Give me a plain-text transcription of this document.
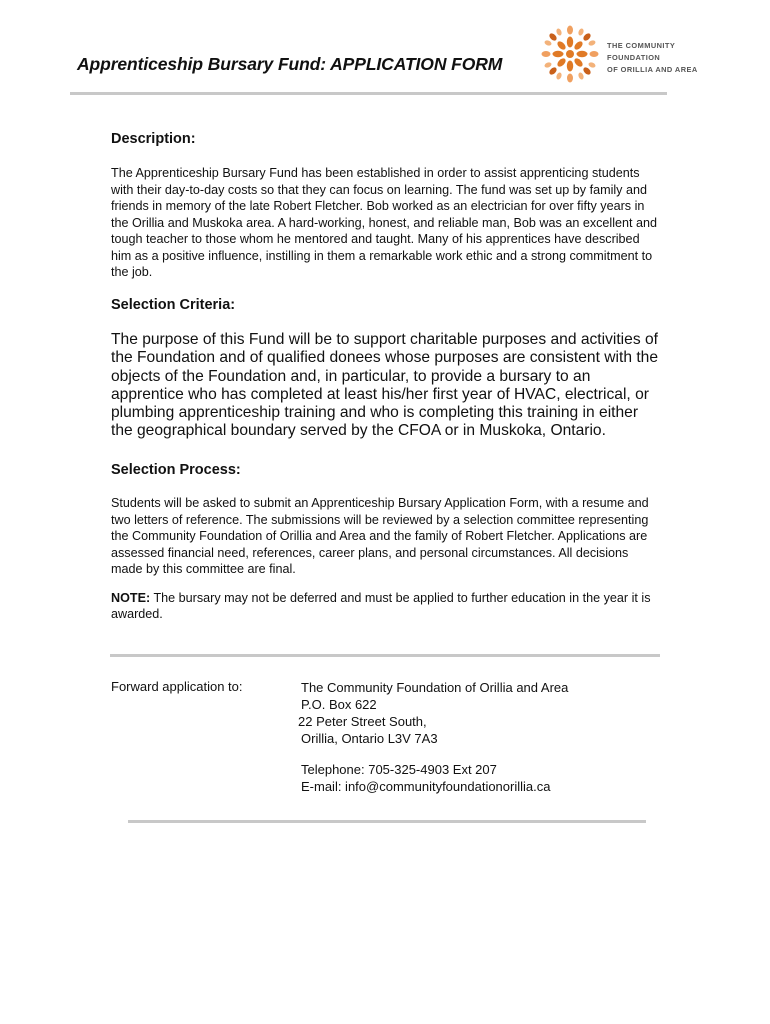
Apprenticeship Bursary Fund: APPLICATION FORM
THE COMMUNITY
FOUNDATION
OF ORILLIA AND AREA

Description:

The Apprenticeship Bursary Fund has been established in order to assist apprenticing students with their day-to-day costs so that they can focus on learning. The fund was set up by family and friends in memory of the late Robert Fletcher. Bob worked as an electrician for over fifty years in the Orillia and Muskoka area. A hard-working, honest, and reliable man, Bob was an excellent and tough teacher to those whom he mentored and taught. Many of his apprentices have described him as a positive influence, instilling in them a remarkable work ethic and a strong commitment to the job.

Selection Criteria:

The purpose of this Fund will be to support charitable purposes and activities of the Foundation and of qualified donees whose purposes are consistent with the objects of the Foundation and, in particular, to provide a bursary to an apprentice who has completed at least his/her first year of HVAC, electrical, or plumbing apprenticeship training and who is completing this training in either the geographical boundary served by the CFOA or in Muskoka, Ontario.

Selection Process:

Students will be asked to submit an Apprenticeship Bursary Application Form, with a resume and two letters of reference. The submissions will be reviewed by a selection committee representing the Community Foundation of Orillia and Area and the family of Robert Fletcher. Applications are assessed financial need, references, career plans, and personal circumstances. All decisions made by this committee are final.

NOTE: The bursary may not be deferred and must be applied to further education in the year it is awarded.

Forward application to:	The Community Foundation of Orillia and Area
P.O. Box 622
22 Peter Street South,
Orillia, Ontario L3V 7A3
Telephone: 705-325-4903 Ext 207
E-mail: info@communityfoundationorillia.ca
